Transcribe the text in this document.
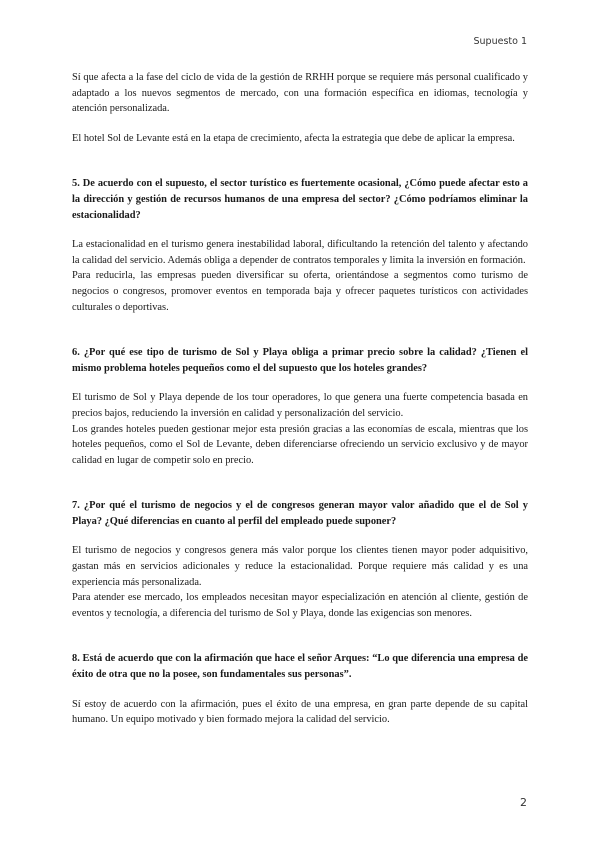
Supuesto 1

Sí que afecta a la fase del ciclo de vida de la gestión de RRHH porque se requiere más personal cualificado y adaptado a los nuevos segmentos de mercado, con una formación específica en idiomas, tecnología y atención personalizada.

El hotel Sol de Levante está en la etapa de crecimiento, afecta la estrategia que debe de aplicar la empresa.

5. De acuerdo con el supuesto, el sector turístico es fuertemente ocasional, ¿Cómo puede afectar esto a la dirección y gestión de recursos humanos de una empresa del sector? ¿Cómo podríamos eliminar la estacionalidad?

La estacionalidad en el turismo genera inestabilidad laboral, dificultando la retención del talento y afectando la calidad del servicio. Además obliga a depender de contratos temporales y limita la inversión en formación.

Para reducirla, las empresas pueden diversificar su oferta, orientándose a segmentos como turismo de negocios o congresos, promover eventos en temporada baja y ofrecer paquetes turísticos con actividades culturales o deportivas.

6. ¿Por qué ese tipo de turismo de Sol y Playa obliga a primar precio sobre la calidad? ¿Tienen el mismo problema hoteles pequeños como el del supuesto que los hoteles grandes?

El turismo de Sol y Playa depende de los tour operadores, lo que genera una fuerte competencia basada en precios bajos, reduciendo la inversión en calidad y personalización del servicio.

Los grandes hoteles pueden gestionar mejor esta presión gracias a las economías de escala, mientras que los hoteles pequeños, como el Sol de Levante, deben diferenciarse ofreciendo un servicio exclusivo y de mayor calidad en lugar de competir solo en precio.

7. ¿Por qué el turismo de negocios y el de congresos generan mayor valor añadido que el de Sol y Playa? ¿Qué diferencias en cuanto al perfil del empleado puede suponer?

El turismo de negocios y congresos genera más valor porque los clientes tienen mayor poder adquisitivo, gastan más en servicios adicionales y reduce la estacionalidad. Porque requiere más calidad y es una experiencia más personalizada.

Para atender ese mercado, los empleados necesitan mayor especialización en atención al cliente, gestión de eventos y tecnología, a diferencia del turismo de Sol y Playa, donde las exigencias son menores.

8. Está de acuerdo que con la afirmación que hace el señor Arques: “Lo que diferencia una empresa de éxito de otra que no la posee, son fundamentales sus personas”.

Sí estoy de acuerdo con la afirmación, pues el éxito de una empresa, en gran parte depende de su capital humano. Un equipo motivado y bien formado mejora la calidad del servicio.

2
